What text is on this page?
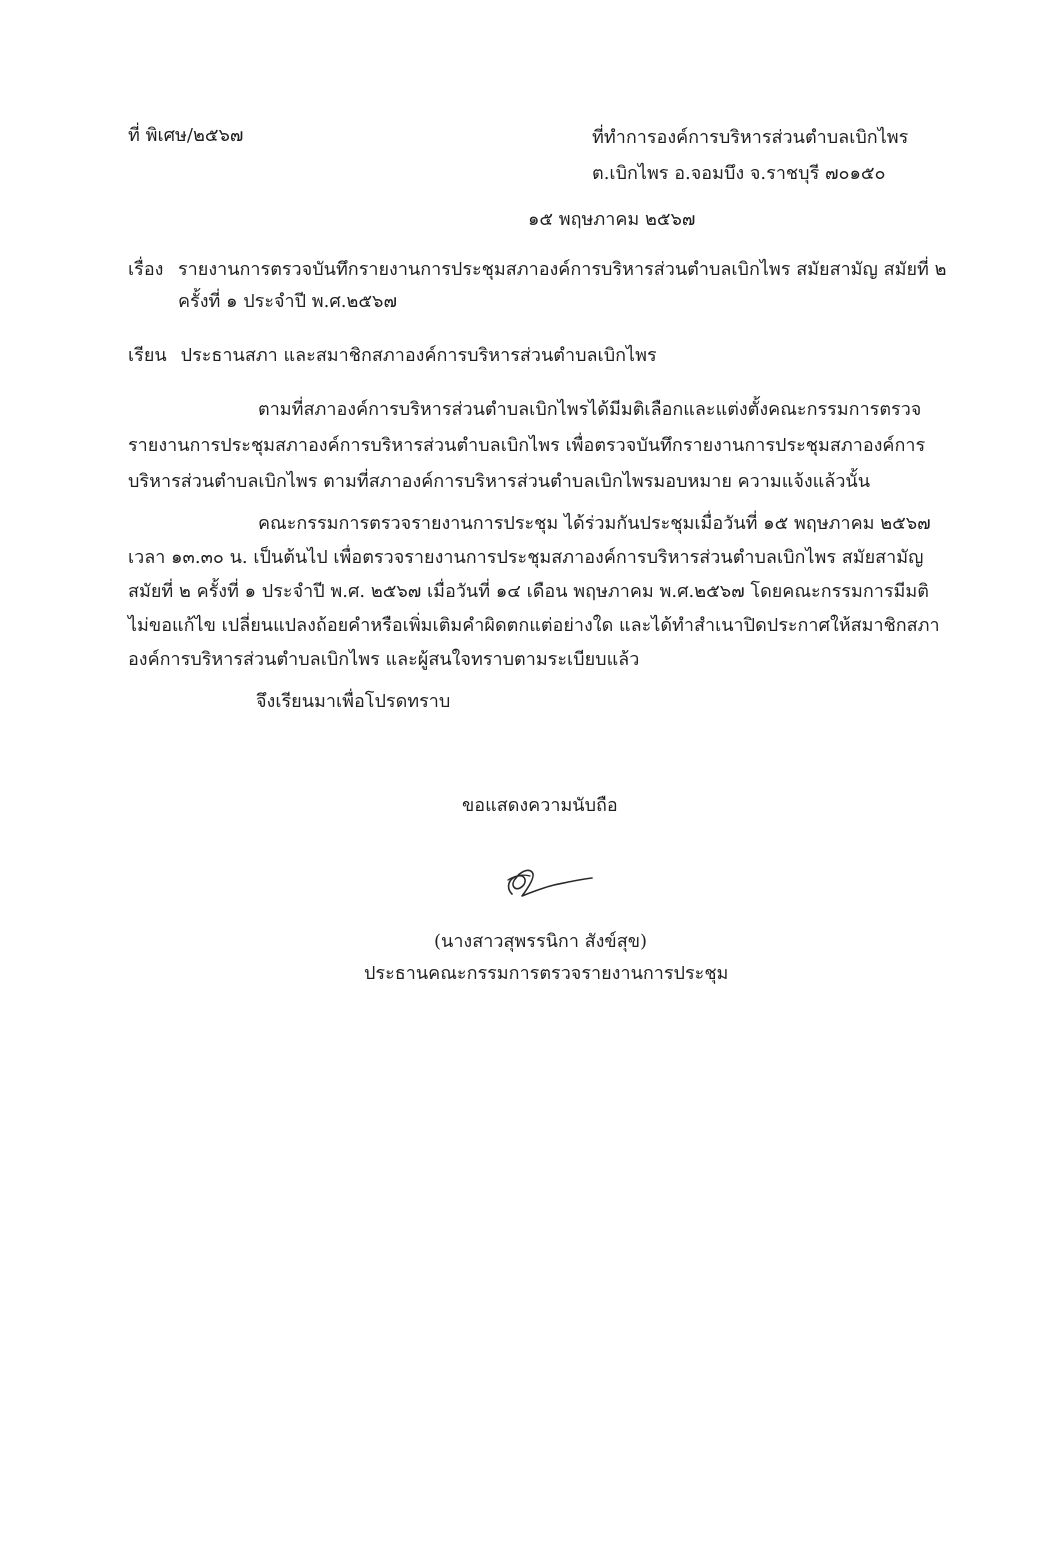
ที่ พิเศษ/๒๕๖๗	ที่ทำการองค์การบริหารส่วนตำบลเบิกไพร
ต.เบิกไพร อ.จอมบึง จ.ราชบุรี ๗๐๑๕๐
๑๕ พฤษภาคม ๒๕๖๗
เรื่อง รายงานการตรวจบันทึกรายงานการประชุมสภาองค์การบริหารส่วนตำบลเบิกไพร สมัยสามัญ สมัยที่ ๒
ครั้งที่ ๑ ประจำปี พ.ศ.๒๕๖๗
เรียน ประธานสภา และสมาชิกสภาองค์การบริหารส่วนตำบลเบิกไพร
ตามที่สภาองค์การบริหารส่วนตำบลเบิกไพรได้มีมติเลือกและแต่งตั้งคณะกรรมการตรวจ
รายงานการประชุมสภาองค์การบริหารส่วนตำบลเบิกไพร เพื่อตรวจบันทึกรายงานการประชุมสภาองค์การ
บริหารส่วนตำบลเบิกไพร ตามที่สภาองค์การบริหารส่วนตำบลเบิกไพรมอบหมาย ความแจ้งแล้วนั้น
คณะกรรมการตรวจรายงานการประชุม ได้ร่วมกันประชุมเมื่อวันที่ ๑๕ พฤษภาคม ๒๕๖๗
เวลา ๑๓.๓๐ น. เป็นต้นไป เพื่อตรวจรายงานการประชุมสภาองค์การบริหารส่วนตำบลเบิกไพร สมัยสามัญ
สมัยที่ ๒ ครั้งที่ ๑ ประจำปี พ.ศ. ๒๕๖๗ เมื่อวันที่ ๑๔ เดือน พฤษภาคม พ.ศ.๒๕๖๗ โดยคณะกรรมการมีมติ
ไม่ขอแก้ไข เปลี่ยนแปลงถ้อยคำหรือเพิ่มเติมคำผิดตกแต่อย่างใด และได้ทำสำเนาปิดประกาศให้สมาชิกสภา
องค์การบริหารส่วนตำบลเบิกไพร และผู้สนใจทราบตามระเบียบแล้ว
จึงเรียนมาเพื่อโปรดทราบ
ขอแสดงความนับถือ
(นางสาวสุพรรนิกา สังข์สุข)
ประธานคณะกรรมการตรวจรายงานการประชุม
